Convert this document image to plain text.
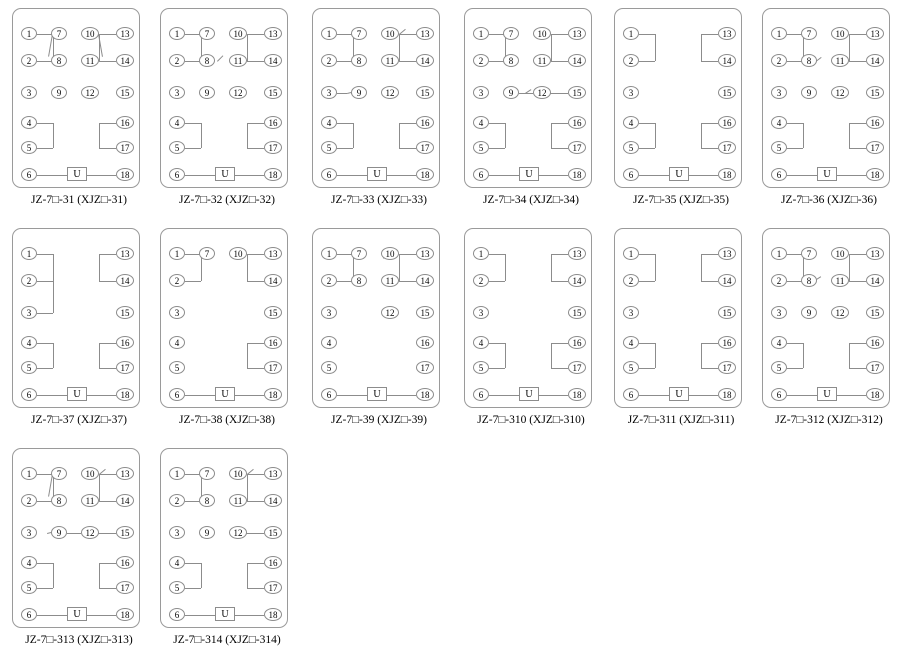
1
2
3
4
5
6
7
8
9
10
11
12
13
14
15
16
17
18
U
JZ-7□-31 (XJZ□-31)
1
2
3
4
5
6
7
8
9
10
11
12
13
14
15
16
17
18
U
JZ-7□-32 (XJZ□-32)
1
2
3
4
5
6
7
8
9
10
11
12
13
14
15
16
17
18
U
JZ-7□-33 (XJZ□-33)
1
2
3
4
5
6
7
8
9
10
11
12
13
14
15
16
17
18
U
JZ-7□-34 (XJZ□-34)
1
2
3
4
5
6
13
14
15
16
17
18
U
JZ-7□-35 (XJZ□-35)
1
2
3
4
5
6
7
8
9
10
11
12
13
14
15
16
17
18
U
JZ-7□-36 (XJZ□-36)
1
2
3
4
5
6
13
14
15
16
17
18
U
JZ-7□-37 (XJZ□-37)
1
2
3
4
5
6
7	10	13
14
15
16
17
18
U
JZ-7□-38 (XJZ□-38)
1
2
3
4
5
6
7
8
10
11
12
13
14
15
16
17
18
U
JZ-7□-39 (XJZ□-39)
1
2
3
4
5
6
13
14
15
16
17
18
U
JZ-7□-310 (XJZ□-310)
1
2
3
4
5
6
13
14
15
16
17
18
U
JZ-7□-311 (XJZ□-311)
1
2
3
4
5
6
7
8
9
10
11
12
13
14
15
16
17
18
U
JZ-7□-312 (XJZ□-312)
1
2
3
4
5
6
7
8
9
10
11
12
13
14
15
16
17
18
U
JZ-7□-313 (XJZ□-313)
1
2
3
4
5
6
7
8
9
10
11
12
13
14
15
16
17
18
U
JZ-7□-314 (XJZ□-314)
